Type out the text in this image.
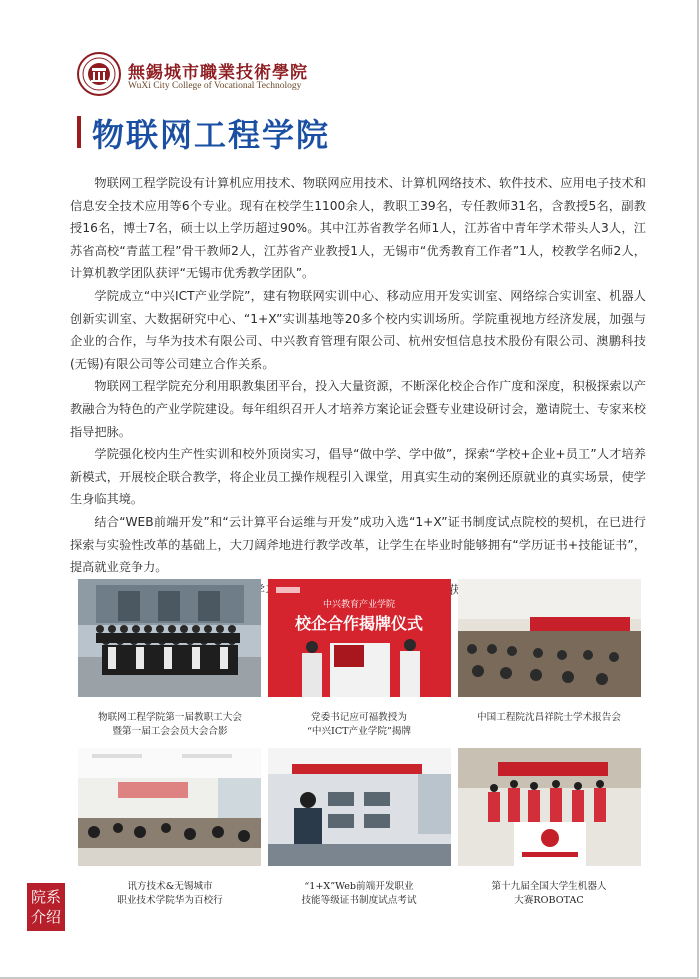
無錫城市職業技術學院
WuXi City College of Vocational Technology
物联网工程学院

物联网工程学院设有计算机应用技术、物联网应用技术、计算机网络技术、软件技术、应用电子技术和信息安全技术应用等6个专业。现有在校学生1100余人，教职工39名，专任教师31名，含教授5名，副教授16名，博士7名，硕士以上学历超过90%。其中江苏省教学名师1人，江苏省中青年学术带头人3人，江苏省高校“青蓝工程”骨干教师2人，江苏省产业教授1人，无锡市“优秀教育工作者”1人，校教学名师2人，计算机教学团队获评“无锡市优秀教学团队”。

学院成立“中兴ICT产业学院”，建有物联网实训中心、移动应用开发实训室、网络综合实训室、机器人创新实训室、大数据研究中心、“1+X”实训基地等20多个校内实训场所。学院重视地方经济发展，加强与企业的合作，与华为技术有限公司、中兴教育管理有限公司、杭州安恒信息技术股份有限公司、澳鹏科技(无锡)有限公司等公司建立合作关系。

物联网工程学院充分利用职教集团平台，投入大量资源，不断深化校企合作广度和深度，积极探索以产教融合为特色的产业学院建设。每年组织召开人才培养方案论证会暨专业建设研讨会，邀请院士、专家来校指导把脉。

学院强化校内生产性实训和校外顶岗实习，倡导“做中学、学中做”，探索“学校+企业+员工”人才培养新模式，开展校企联合教学，将企业员工操作规程引入课堂，用真实生动的案例还原就业的真实场景，使学生身临其境。

结合“WEB前端开发”和“云计算平台运维与开发”成功入选“1+X”证书制度试点院校的契机，在已进行探索与实验性改革的基础上，大刀阔斧地进行教学改革，让学生在毕业时能够拥有“学历证书+技能证书”，提高就业竞争力。

物联网工程学院第一届教职工大会
暨第一届工会会员大会合影
中兴教育产业学院
校企合作揭牌仪式
党委书记应可福教授为
“中兴ICT产业学院”揭牌
中国工程院沈昌祥院士学术报告会
讯方技术&无锡城市
职业技术学院华为百校行
“1+X”Web前端开发职业
技能等级证书制度试点考试
第十九届全国大学生机器人
大赛ROBOTAC
院系
介绍
